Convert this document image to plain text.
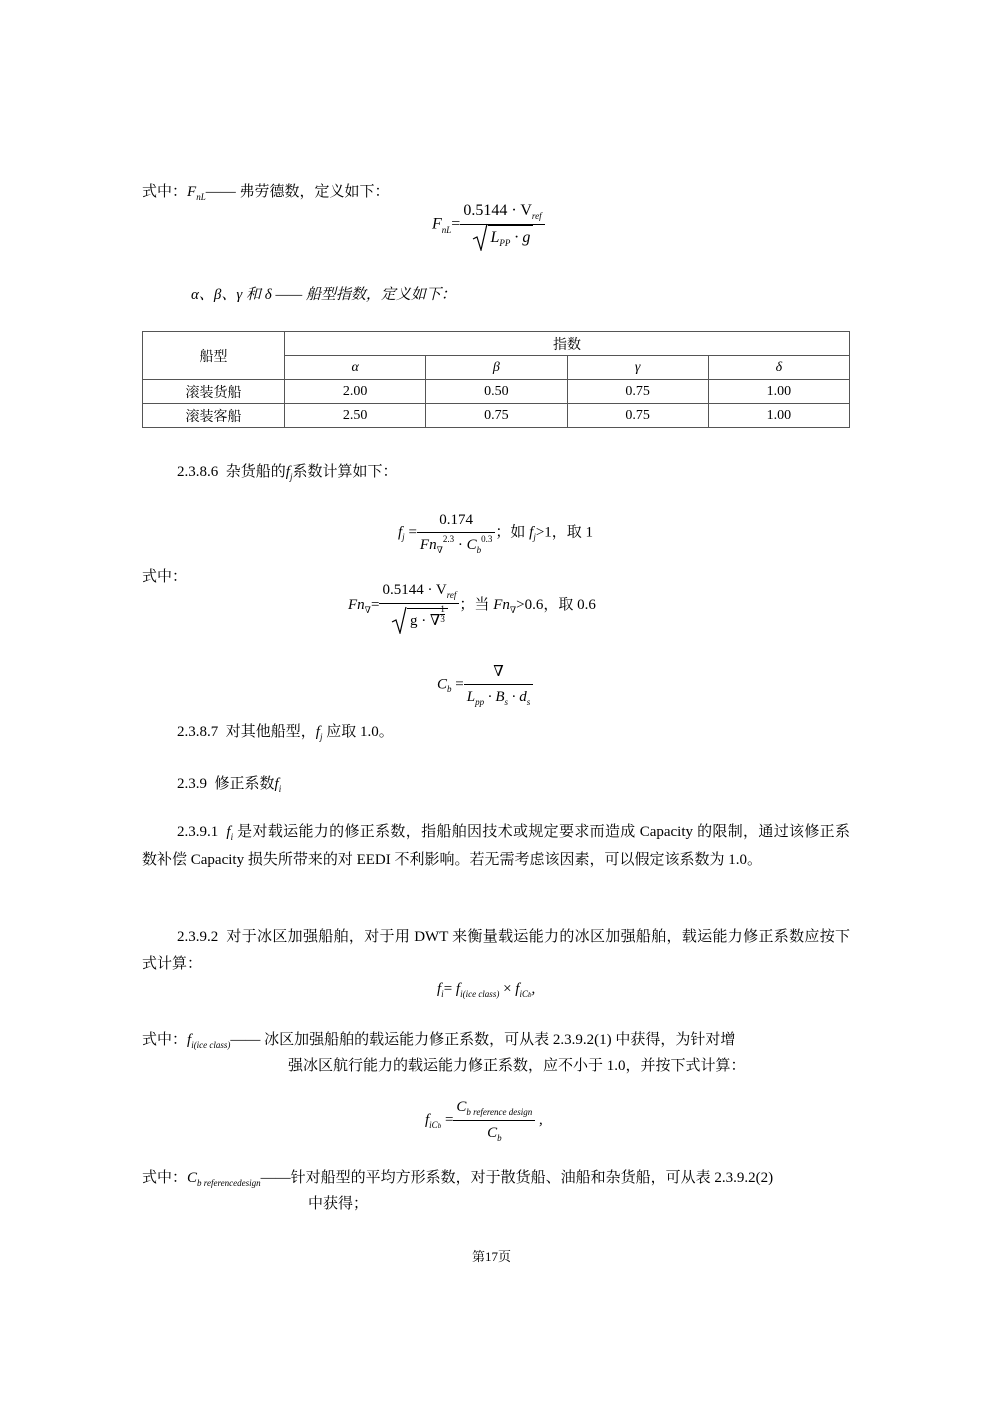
式中：$F_{nL}——$ 弗劳德数，定义如下：
$F_{nL}= \frac{0.5144 \cdot V_{ref}}{L_{PP} \cdot g}$
α、β、γ 和 δ —— 船型指数，定义如下：
船型	指数			
	α	β	γ	δ
滚装货船	2.00	0.50	0.75	1.00
滚装客船	2.50	0.75	0.75	1.00
2.3.8.6 杂货船的$f_j$系数计算如下：
$f_j = \frac{0.174}{Fn_\nabla^{2.3} \cdot C_b^{0.3}}$ ；如 $f_j>1$，取 1
式中：
$Fn_\nabla= \frac{0.5144 \cdot V_{ref}}{g \cdot \nabla \frac{1}{3}}$ ；当 $Fn_\nabla>0.6$，取 0.6
$C_b = \frac{\nabla}{L_{pp} \cdot B_s \cdot d_s}$
2.3.8.7 对其他船型，$f_j$ 应取 1.0。
2.3.9 修正系数$f_i$
2.3.9.1 $f_i$ 是对载运能力的修正系数，指船舶因技术或规定要求而造成 Capacity 的限制，通过该修正系数补偿 Capacity 损失所带来的对 EEDI 不利影响。若无需考虑该因素，可以假定该系数为 1.0。
2.3.9.2 对于冰区加强船舶，对于用 DWT 来衡量载运能力的冰区加强船舶，载运能力修正系数应按下式计算：
$f_i= f_{i(ice class)} \times f_{iCb}$,
式中：$f_{i(ice class)}——$ 冰区加强船舶的载运能力修正系数，可从表 2.3.9.2(1) 中获得，为针对增
强冰区航行能力的载运能力修正系数，应不小于 1.0，并按下式计算：
$f_{iCb} = \frac{C_{b reference design}}{C_b}$ ,
式中：$C_{b referencedesign}——$针对船型的平均方形系数，对于散货船、油船和杂货船，可从表 2.3.9.2(2)
中获得；
第17页
